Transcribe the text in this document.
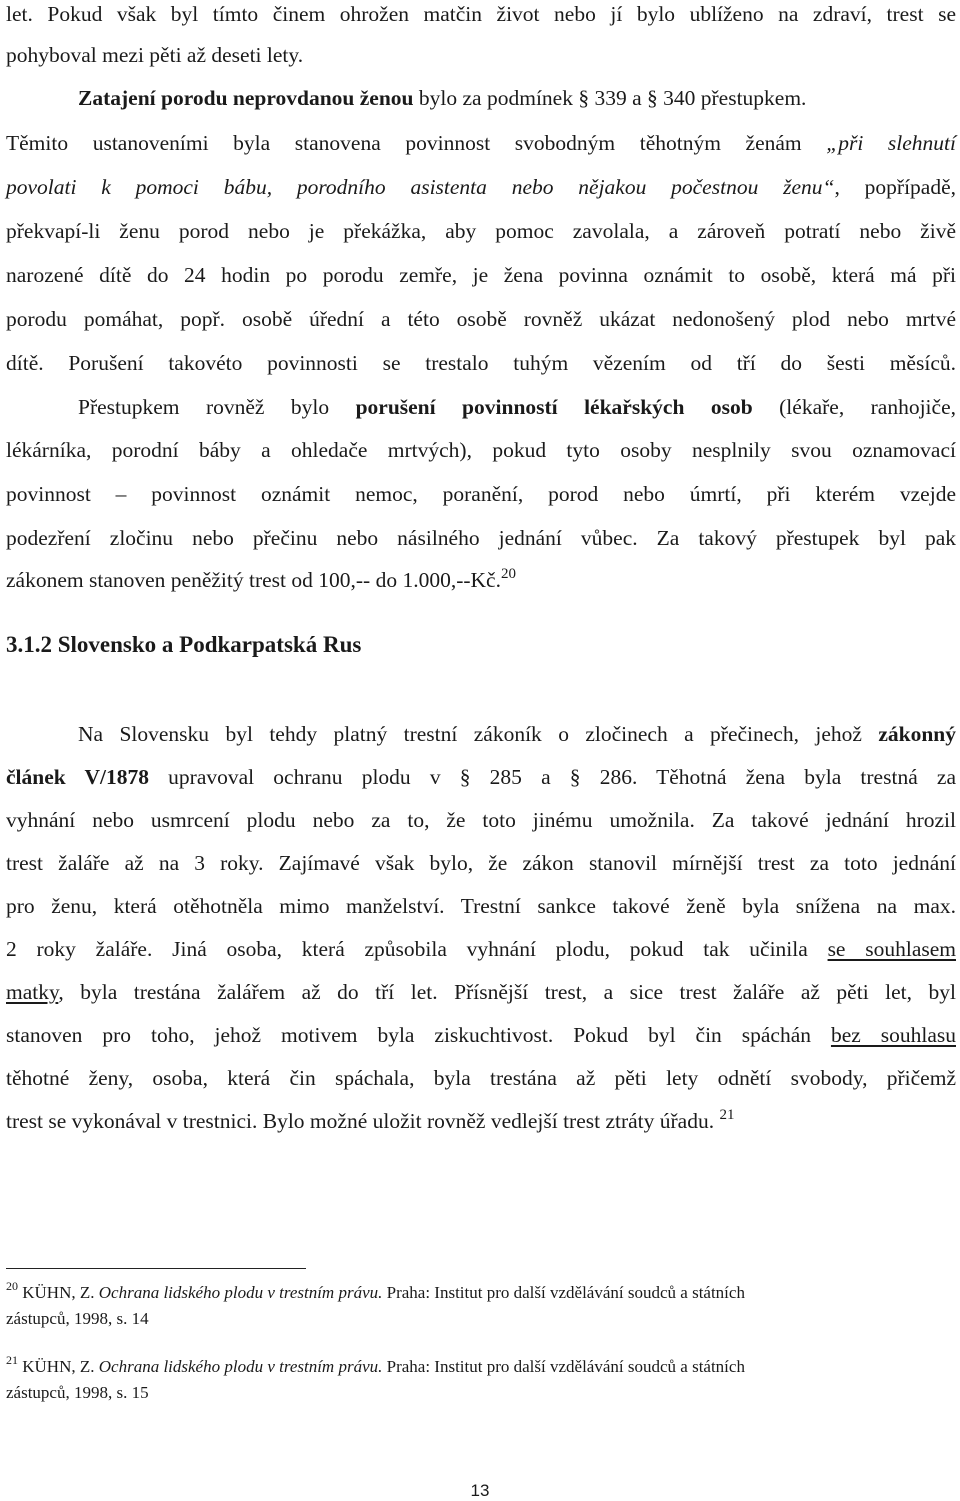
let. Pokud však byl tímto činem ohrožen matčin život nebo jí bylo ublíženo na zdraví, trest se
pohyboval mezi pěti až deseti lety.
Zatajení porodu neprovdanou ženou bylo za podmínek § 339 a § 340 přestupkem.
Těmito ustanoveními byla stanovena povinnost svobodným těhotným ženám „při slehnutí
povolati k pomoci bábu, porodního asistenta nebo nějakou počestnou ženu“, popřípadě,
překvapí-li ženu porod nebo je překážka, aby pomoc zavolala, a zároveň potratí nebo živě
narozené dítě do 24 hodin po porodu zemře, je žena povinna oznámit to osobě, která má při
porodu pomáhat, popř. osobě úřední a této osobě rovněž ukázat nedonošený plod nebo mrtvé
dítě. Porušení takovéto povinnosti se trestalo tuhým vězením od tří do šesti měsíců.
Přestupkem rovněž bylo porušení povinností lékařských osob (lékaře, ranhojiče,
lékárníka, porodní báby a ohledače mrtvých), pokud tyto osoby nesplnily svou oznamovací
povinnost – povinnost oznámit nemoc, poranění, porod nebo úmrtí, při kterém vzejde
podezření zločinu nebo přečinu nebo násilného jednání vůbec. Za takový přestupek byl pak
zákonem stanoven peněžitý trest od 100,-- do 1.000,--Kč.$^{20}$
3.1.2 Slovensko a Podkarpatská Rus
Na Slovensku byl tehdy platný trestní zákoník o zločinech a přečinech, jehož zákonný
článek V/1878 upravoval ochranu plodu v § 285 a § 286. Těhotná žena byla trestná za
vyhnání nebo usmrcení plodu nebo za to, že toto jinému umožnila. Za takové jednání hrozil
trest žaláře až na 3 roky. Zajímavé však bylo, že zákon stanovil mírnější trest za toto jednání
pro ženu, která otěhotněla mimo manželství. Trestní sankce takové ženě byla snížena na max.
2 roky žaláře. Jiná osoba, která způsobila vyhnání plodu, pokud tak učinila se souhlasem
matky, byla trestána žalářem až do tří let. Přísnější trest, a sice trest žaláře až pěti let, byl
stanoven pro toho, jehož motivem byla ziskuchtivost. Pokud byl čin spáchán bez souhlasu
těhotné ženy, osoba, která čin spáchala, byla trestána až pěti lety odnětí svobody, přičemž
trest se vykonával v trestnici. Bylo možné uložit rovněž vedlejší trest ztráty úřadu. $^{21}$
$^{20}$ KÜHN, Z. Ochrana lidského plodu v trestním právu. Praha: Institut pro další vzdělávání soudců a státních
zástupců, 1998, s. 14
$^{21}$ KÜHN, Z. Ochrana lidského plodu v trestním právu. Praha: Institut pro další vzdělávání soudců a státních
zástupců, 1998, s. 15
13
